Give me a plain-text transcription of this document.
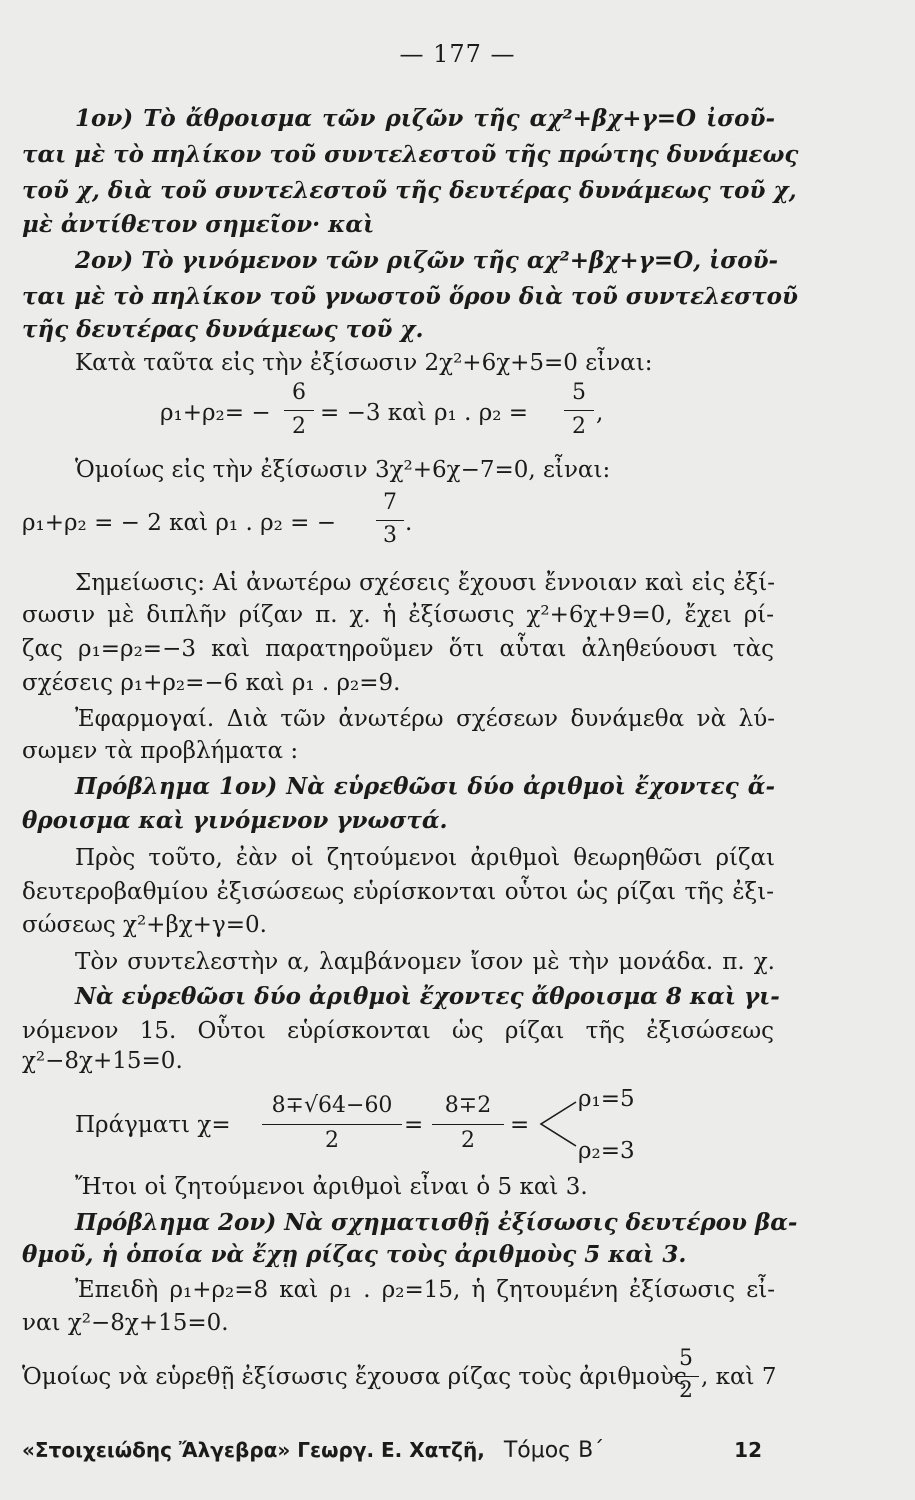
— 177 —
1ον) Τὸ ἄθροισμα τῶν ριζῶν τῆς αχ²+βχ+γ=Ο ἰσοῦ-
ται μὲ τὸ πηλίκον τοῦ συντελεστοῦ τῆς πρώτης δυνάμεως
τοῦ χ, διὰ τοῦ συντελεστοῦ τῆς δευτέρας δυνάμεως τοῦ χ,
μὲ ἀντίθετον σημεῖον· καὶ
2ον) Τὸ γινόμενον τῶν ριζῶν τῆς αχ²+βχ+γ=Ο, ἰσοῦ-
ται μὲ τὸ πηλίκον τοῦ γνωστοῦ ὅρου διὰ τοῦ συντελεστοῦ
τῆς δευτέρας δυνάμεως τοῦ χ.
Κατὰ ταῦτα εἰς τὴν ἐξίσωσιν 2χ²+6χ+5=0 εἶναι:
ρ₁+ρ₂= −
6
2
= −3 καὶ ρ₁ . ρ₂ =
5
2
,
Ὁμοίως εἰς τὴν ἐξίσωσιν 3χ²+6χ−7=0, εἶναι:
ρ₁+ρ₂ = − 2 καὶ ρ₁ . ρ₂ = −
7
3 .
Σημείωσις: Αἱ ἀνωτέρω σχέσεις ἔχουσι ἔννοιαν καὶ εἰς ἐξί-
σωσιν μὲ διπλῆν ρίζαν π. χ. ἡ ἐξίσωσις χ²+6χ+9=0, ἔχει ρί-
ζας ρ₁=ρ₂=−3 καὶ παρατηροῦμεν ὅτι αὗται ἀληθεύουσι τὰς
σχέσεις ρ₁+ρ₂=−6 καὶ ρ₁ . ρ₂=9.
Ἐφαρμογαί. Διὰ τῶν ἀνωτέρω σχέσεων δυνάμεθα νὰ λύ-
σωμεν τὰ προβλήματα :
Πρόβλημα 1ον) Νὰ εὑρεθῶσι δύο ἀριθμοὶ ἔχοντες ἄ-
θροισμα καὶ γινόμενον γνωστά.
Πρὸς τοῦτο, ἐὰν οἱ ζητούμενοι ἀριθμοὶ θεωρηθῶσι ρίζαι
δευτεροβαθμίου ἐξισώσεως εὑρίσκονται οὗτοι ὡς ρίζαι τῆς ἐξι-
σώσεως χ²+βχ+γ=0.
Τὸν συντελεστὴν α, λαμβάνομεν ἴσον μὲ τὴν μονάδα. π. χ.
Νὰ εὑρεθῶσι δύο ἀριθμοὶ ἔχοντες ἄθροισμα 8 καὶ γι-
νόμενον 15. Οὗτοι εὑρίσκονται ὡς ρίζαι τῆς ἐξισώσεως
χ²−8χ+15=0.
Πράγματι χ=
8∓√64−60
2
=
8∓2
2
=
ρ₁=5
ρ₂=3
Ἤτοι οἱ ζητούμενοι ἀριθμοὶ εἶναι ὁ 5 καὶ 3.
Πρόβλημα 2ον) Νὰ σχηματισθῇ ἐξίσωσις δευτέρου βα-
θμοῦ, ἡ ὁποία νὰ ἔχῃ ρίζας τοὺς ἀριθμοὺς 5 καὶ 3.
Ἐπειδὴ ρ₁+ρ₂=8 καὶ ρ₁ . ρ₂=15, ἡ ζητουμένη ἐξίσωσις εἶ-
ναι χ²−8χ+15=0.
Ὁμοίως νὰ εὑρεθῇ ἐξίσωσις ἔχουσα ρίζας τοὺς ἀριθμοὺς
5
2
, καὶ 7
«Στοιχειώδης Ἄλγεβρα» Γεωργ. Ε. Χατζῆ, Τόμος Β΄	12
